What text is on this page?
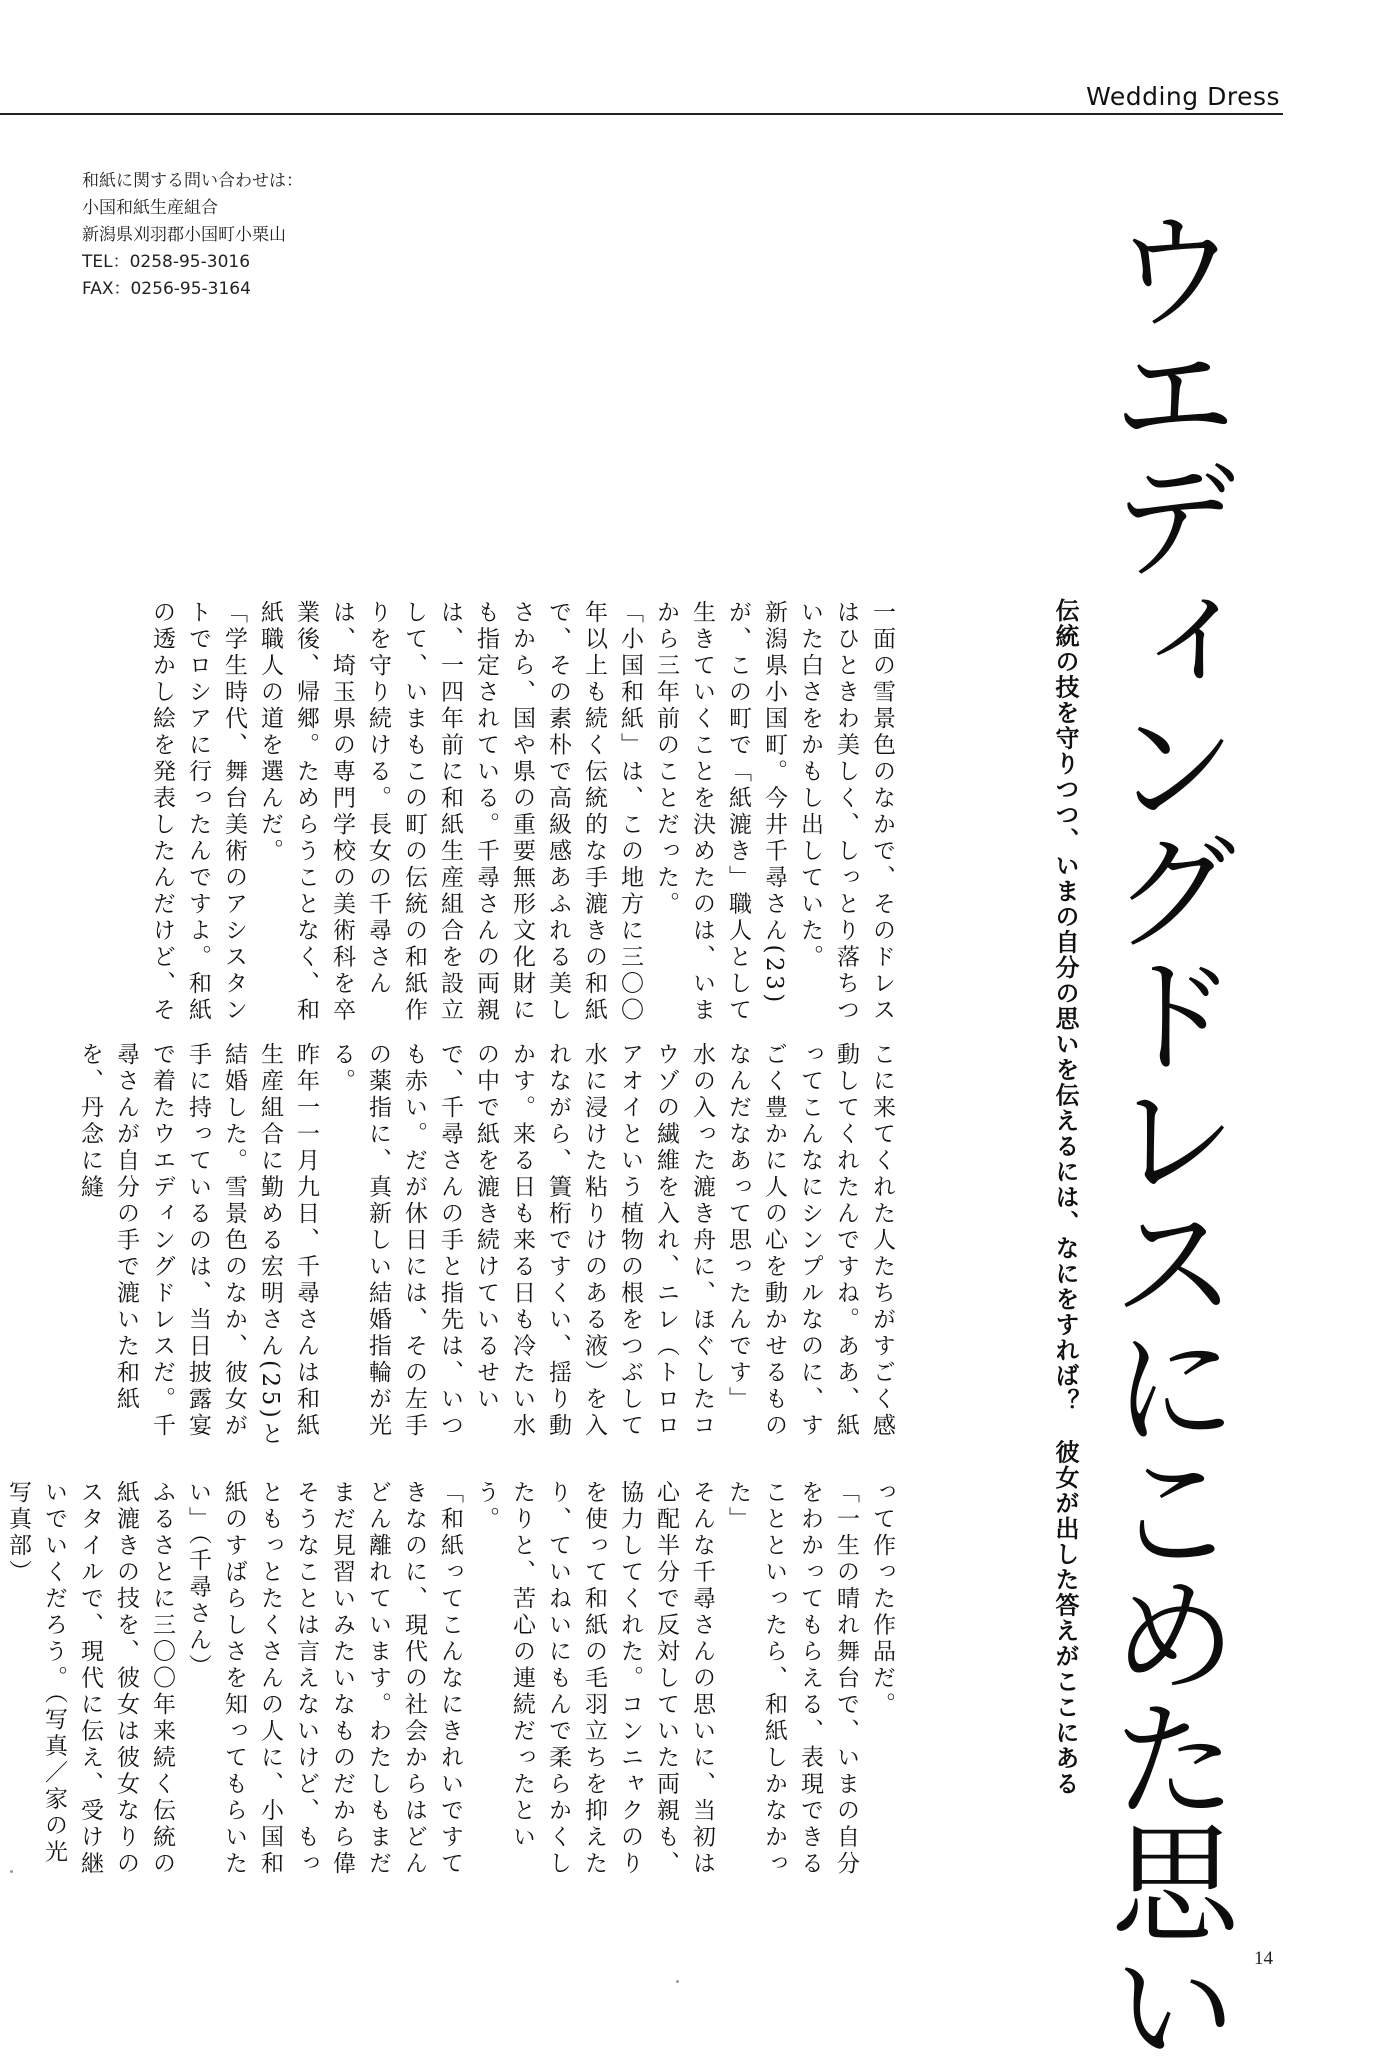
Wedding Dress
和紙に関する問い合わせは：
小国和紙生産組合
新潟県刈羽郡小国町小栗山
TEL：0258-95-3016
FAX：0256-95-3164	ウエディングドレスにこめた思い
伝統の技を守りつつ、いまの自分の思いを伝えるには、なにをすれば？　彼女が出した答えがここにある

一面の雪景色のなかで、そのドレスはひときわ美しく、しっとり落ちついた白さをかもし出していた。

新潟県小国町。今井千尋さん(23)が、この町で「紙漉き」職人として生きていくことを決めたのは、いまから三年前のことだった。

「小国和紙」は、この地方に三〇〇年以上も続く伝統的な手漉きの和紙で、その素朴で高級感あふれる美しさから、国や県の重要無形文化財にも指定されている。千尋さんの両親は、一四年前に和紙生産組合を設立して、いまもこの町の伝統の和紙作りを守り続ける。長女の千尋さんは、埼玉県の専門学校の美術科を卒業後、帰郷。ためらうことなく、和紙職人の道を選んだ。

「学生時代、舞台美術のアシスタントでロシアに行ったんですよ。和紙の透かし絵を発表したんだけど、そ

こに来てくれた人たちがすごく感動してくれたんですね。ああ、紙ってこんなにシンプルなのに、すごく豊かに人の心を動かせるものなんだなあって思ったんです」

水の入った漉き舟に、ほぐしたコウゾの繊維を入れ、ニレ（トロロアオイという植物の根をつぶして水に浸けた粘りけのある液）を入れながら、簀桁ですくい、揺り動かす。来る日も来る日も冷たい水の中で紙を漉き続けているせいで、千尋さんの手と指先は、いつも赤い。だが休日には、その左手の薬指に、真新しい結婚指輪が光る。

昨年一一月九日、千尋さんは和紙生産組合に勤める宏明さん(25)と結婚した。雪景色のなか、彼女が手に持っているのは、当日披露宴で着たウエディングドレスだ。千尋さんが自分の手で漉いた和紙を、丹念に縫

って作った作品だ。

「一生の晴れ舞台で、いまの自分をわかってもらえる、表現できることといったら、和紙しかなかった」

そんな千尋さんの思いに、当初は心配半分で反対していた両親も、協力してくれた。コンニャクのりを使って和紙の毛羽立ちを抑えたり、ていねいにもんで柔らかくしたりと、苦心の連続だったという。

「和紙ってこんなにきれいですてきなのに、現代の社会からはどんどん離れています。わたしもまだまだ見習いみたいなものだから偉そうなことは言えないけど、もっともっとたくさんの人に、小国和紙のすばらしさを知ってもらいたい」（千尋さん）

ふるさとに三〇〇年来続く伝統の紙漉きの技を、彼女は彼女なりのスタイルで、現代に伝え、受け継いでいくだろう。（写真／家の光写真部）

14
